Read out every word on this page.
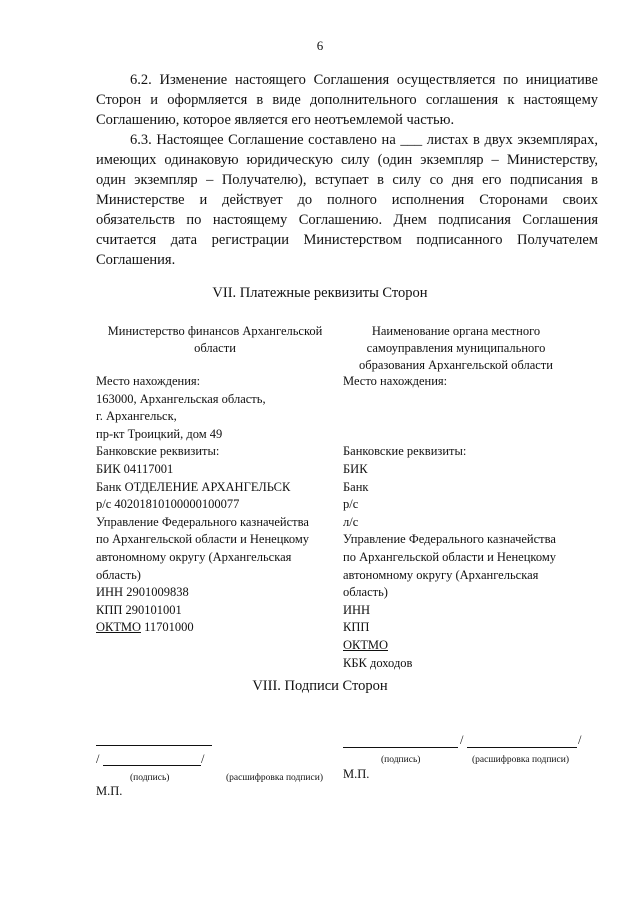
6

6.2. Изменение настоящего Соглашения осуществляется по инициативе Сторон и оформляется в виде дополнительного соглашения к настоящему Соглашению, которое является его неотъемлемой частью.

6.3. Настоящее Соглашение составлено на ___ листах в двух экземплярах, имеющих одинаковую юридическую силу (один экземпляр – Министерству, один экземпляр – Получателю), вступает в силу со дня его подписания в Министерстве и действует до полного исполнения Сторонами своих обязательств по настоящему Соглашению. Днем подписания Соглашения считается дата регистрации Министерством подписанного Получателем Соглашения.

VII. Платежные реквизиты Сторон
Министерство финансов Архангельской области
Место нахождения:
163000, Архангельская область,
г. Архангельск,
пр-кт Троицкий, дом 49
Банковские реквизиты:
БИК 04117001
Банк ОТДЕЛЕНИЕ АРХАНГЕЛЬСК
р/с 40201810100000100077
Управление Федерального казначейства
по Архангельской области и Ненецкому
автономному округу (Архангельская
область)
ИНН 2901009838
КПП 290101001
ОКТМО 11701000
Наименование органа местного самоуправления муниципального образования Архангельской области
Место нахождения:
Банковские реквизиты:
БИК
Банк
р/с
л/с
Управление Федерального казначейства
по Архангельской области и Ненецкому
автономному округу (Архангельская
область)
ИНН
КПП
ОКТМО
КБК доходов
VIII. Подписи Сторон
/	/
(подпись)	(расшифровка подписи)
М.П.
/	/
(подпись)	(расшифровка подписи)
М.П.
